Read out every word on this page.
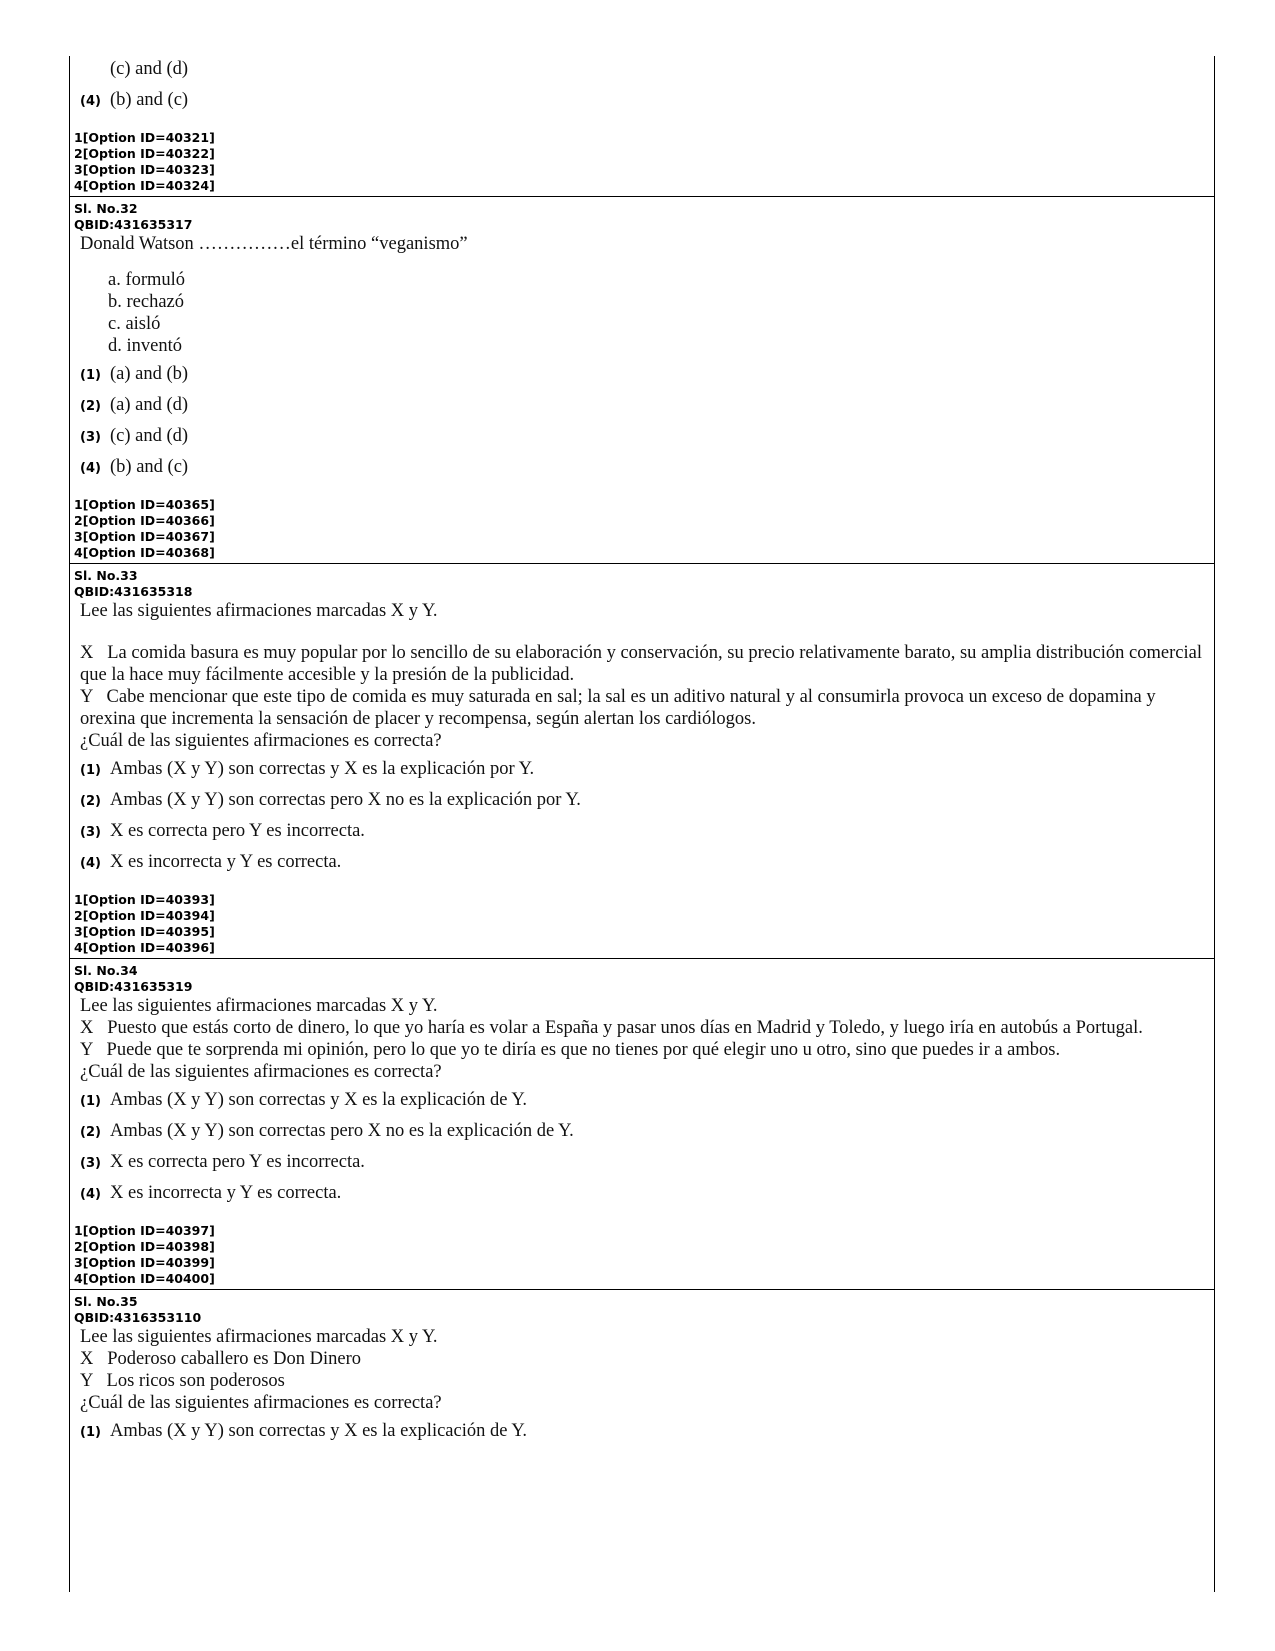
(c) and (d)
(4) (b) and (c)
1[Option ID=40321]
2[Option ID=40322]
3[Option ID=40323]
4[Option ID=40324]
Sl. No.32
QBID:431635317
Donald Watson ……………el término “veganismo”
a. formuló
b. rechazó
c. aisló
d. inventó
(1) (a) and (b)
(2) (a) and (d)
(3) (c) and (d)
(4) (b) and (c)
1[Option ID=40365]
2[Option ID=40366]
3[Option ID=40367]
4[Option ID=40368]
Sl. No.33
QBID:431635318
Lee las siguientes afirmaciones marcadas X y Y.
X   La comida basura es muy popular por lo sencillo de su elaboración y conservación, su precio relativamente barato, su amplia distribución comercial que la hace muy fácilmente accesible y la presión de la publicidad.
Y   Cabe mencionar que este tipo de comida es muy saturada en sal; la sal es un aditivo natural y al consumirla provoca un exceso de dopamina y orexina que incrementa la sensación de placer y recompensa, según alertan los cardiólogos.
¿Cuál de las siguientes afirmaciones es correcta?
(1) Ambas (X y Y) son correctas y X es la explicación por Y.
(2) Ambas (X y Y) son correctas pero X no es la explicación por Y.
(3) X es correcta pero Y es incorrecta.
(4) X es incorrecta y Y es correcta.
1[Option ID=40393]
2[Option ID=40394]
3[Option ID=40395]
4[Option ID=40396]
Sl. No.34
QBID:431635319
Lee las siguientes afirmaciones marcadas X y Y.
X   Puesto que estás corto de dinero, lo que yo haría es volar a España y pasar unos días en Madrid y Toledo, y luego iría en autobús a Portugal.
Y   Puede que te sorprenda mi opinión, pero lo que yo te diría es que no tienes por qué elegir uno u otro, sino que puedes ir a ambos.
¿Cuál de las siguientes afirmaciones es correcta?
(1) Ambas (X y Y) son correctas y X es la explicación de Y.
(2) Ambas (X y Y) son correctas pero X no es la explicación de Y.
(3) X es correcta pero Y es incorrecta.
(4) X es incorrecta y Y es correcta.
1[Option ID=40397]
2[Option ID=40398]
3[Option ID=40399]
4[Option ID=40400]
Sl. No.35
QBID:4316353110
Lee las siguientes afirmaciones marcadas X y Y.
X   Poderoso caballero es Don Dinero
Y   Los ricos son poderosos
¿Cuál de las siguientes afirmaciones es correcta?
(1) Ambas (X y Y) son correctas y X es la explicación de Y.
